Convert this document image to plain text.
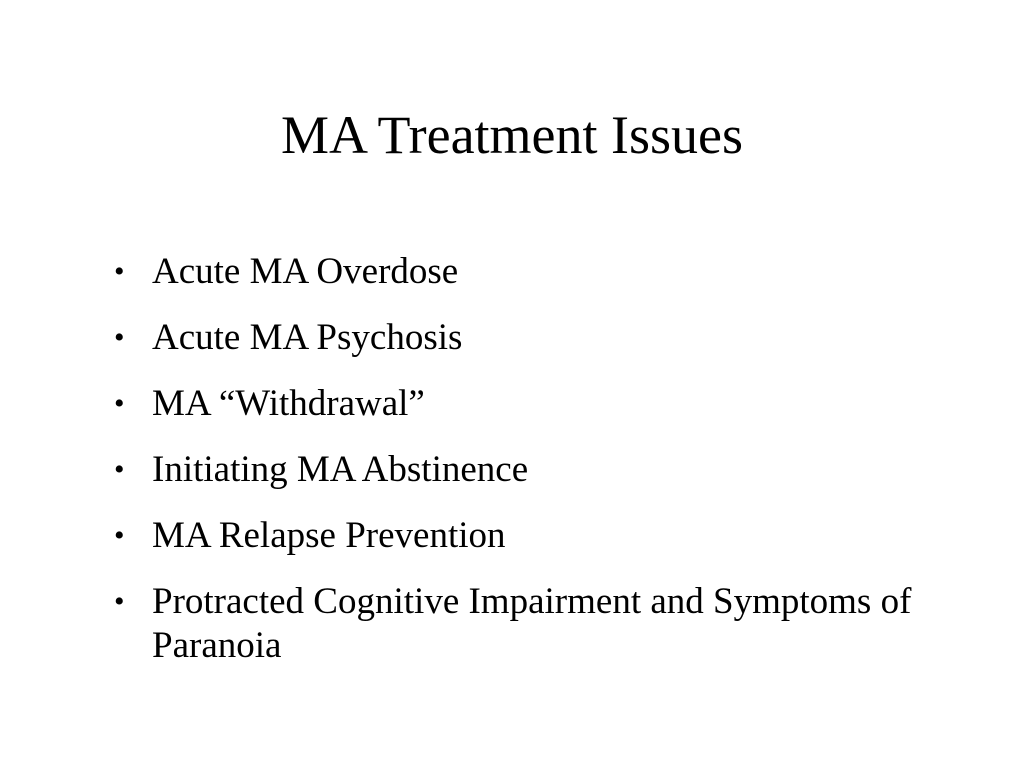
MA Treatment Issues
• Acute MA Overdose
• Acute MA Psychosis
• MA “Withdrawal”
• Initiating MA Abstinence
• MA Relapse Prevention
• Protracted Cognitive Impairment and Symptoms of Paranoia
